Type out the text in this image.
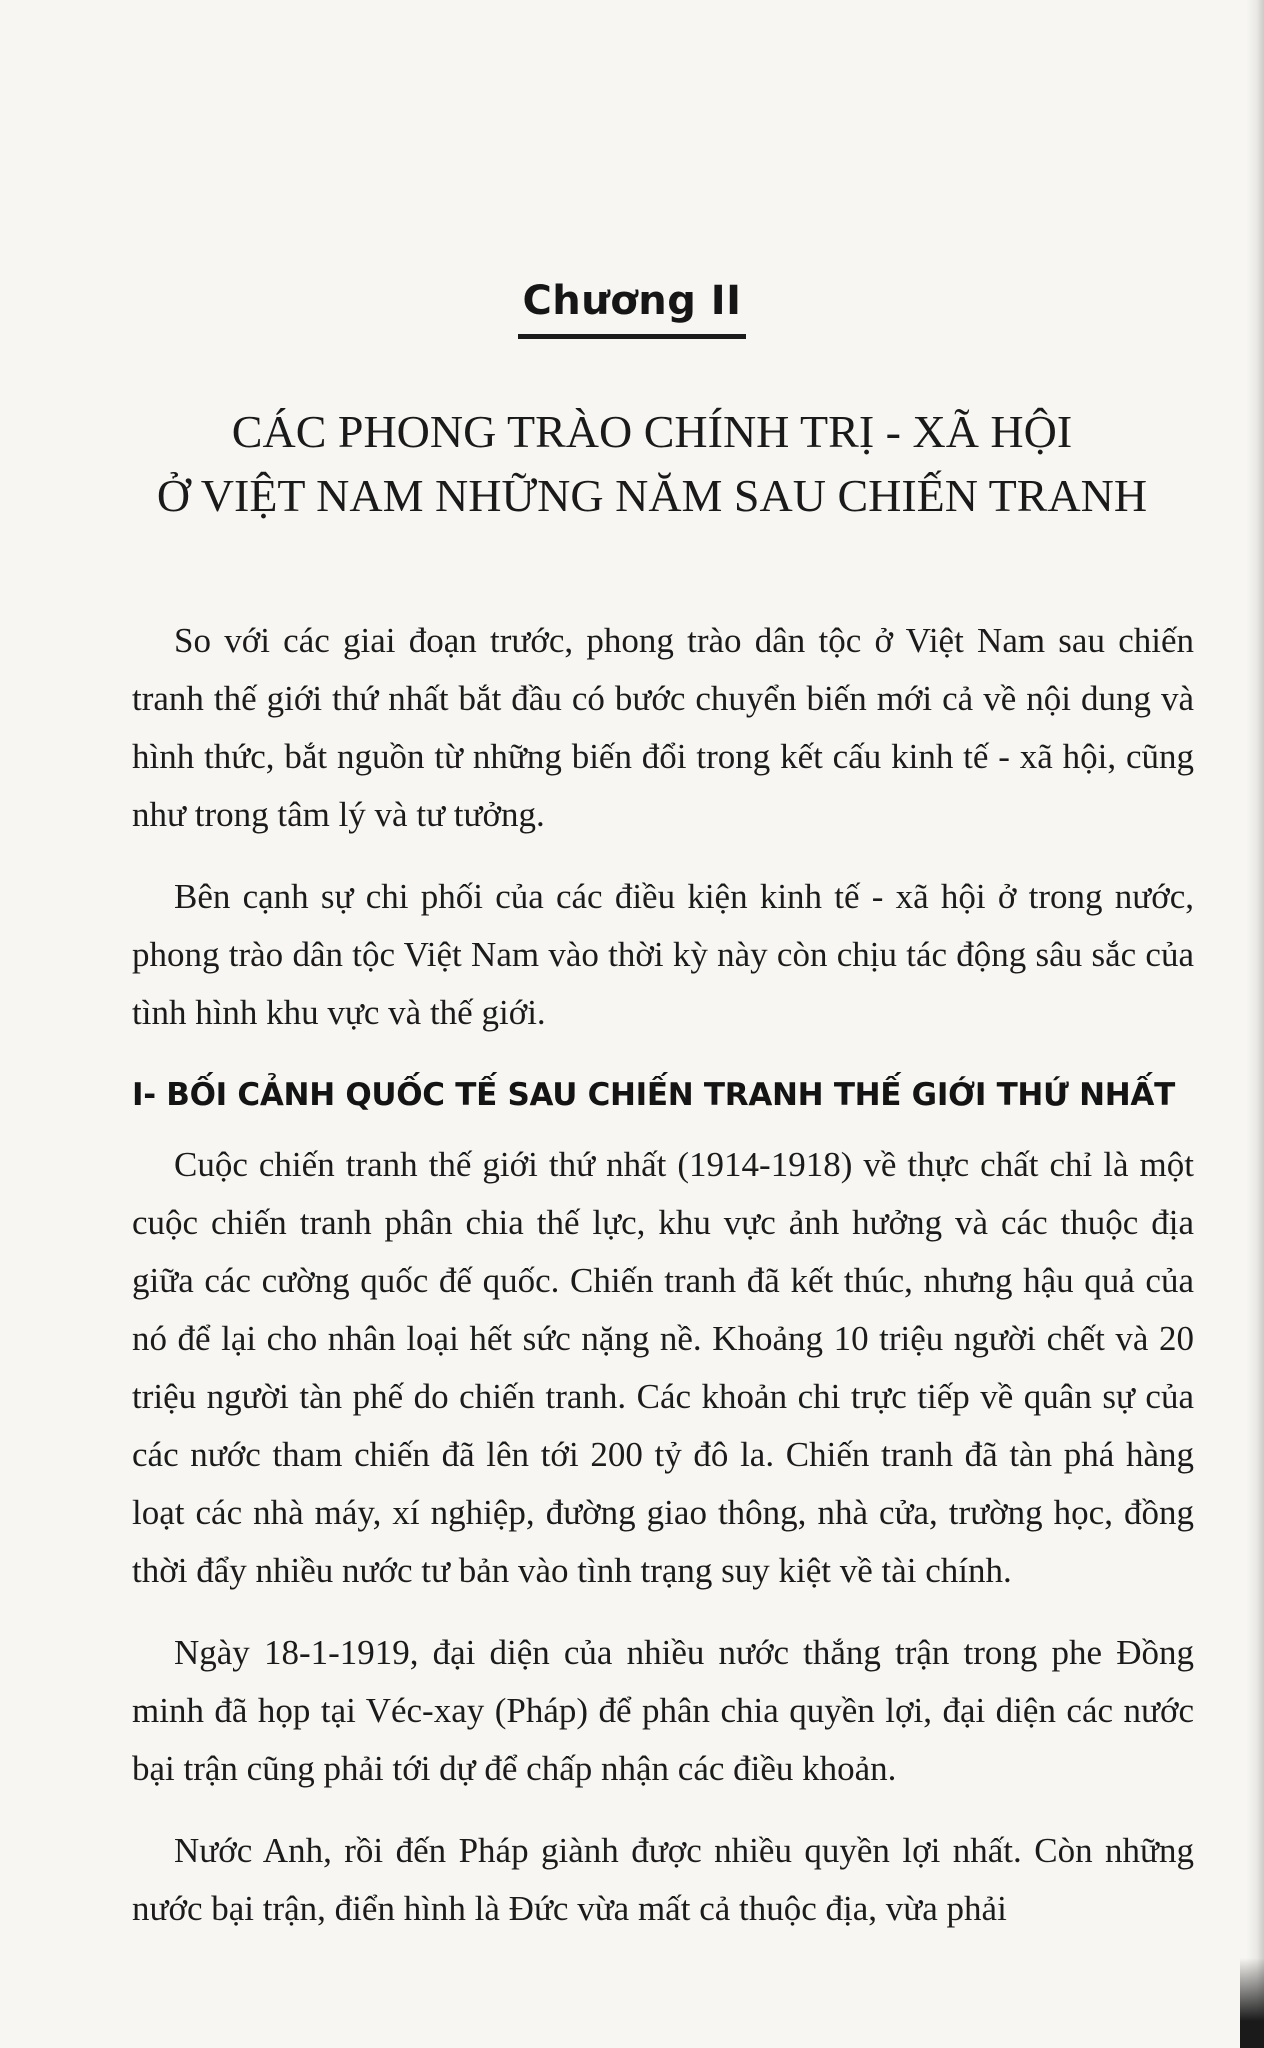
Chương II
CÁC PHONG TRÀO CHÍNH TRỊ - XÃ HỘI
Ở VIỆT NAM NHỮNG NĂM SAU CHIẾN TRANH

So với các giai đoạn trước, phong trào dân tộc ở Việt Nam sau chiến tranh thế giới thứ nhất bắt đầu có bước chuyển biến mới cả về nội dung và hình thức, bắt nguồn từ những biến đổi trong kết cấu kinh tế - xã hội, cũng như trong tâm lý và tư tưởng.

Bên cạnh sự chi phối của các điều kiện kinh tế - xã hội ở trong nước, phong trào dân tộc Việt Nam vào thời kỳ này còn chịu tác động sâu sắc của tình hình khu vực và thế giới.

I- BỐI CẢNH QUỐC TẾ SAU CHIẾN TRANH THẾ GIỚI THỨ NHẤT

Cuộc chiến tranh thế giới thứ nhất (1914-1918) về thực chất chỉ là một cuộc chiến tranh phân chia thế lực, khu vực ảnh hưởng và các thuộc địa giữa các cường quốc đế quốc. Chiến tranh đã kết thúc, nhưng hậu quả của nó để lại cho nhân loại hết sức nặng nề. Khoảng 10 triệu người chết và 20 triệu người tàn phế do chiến tranh. Các khoản chi trực tiếp về quân sự của các nước tham chiến đã lên tới 200 tỷ đô la. Chiến tranh đã tàn phá hàng loạt các nhà máy, xí nghiệp, đường giao thông, nhà cửa, trường học, đồng thời đẩy nhiều nước tư bản vào tình trạng suy kiệt về tài chính.

Ngày 18-1-1919, đại diện của nhiều nước thắng trận trong phe Đồng minh đã họp tại Véc-xay (Pháp) để phân chia quyền lợi, đại diện các nước bại trận cũng phải tới dự để chấp nhận các điều khoản.

Nước Anh, rồi đến Pháp giành được nhiều quyền lợi nhất. Còn những nước bại trận, điển hình là Đức vừa mất cả thuộc địa, vừa phải
